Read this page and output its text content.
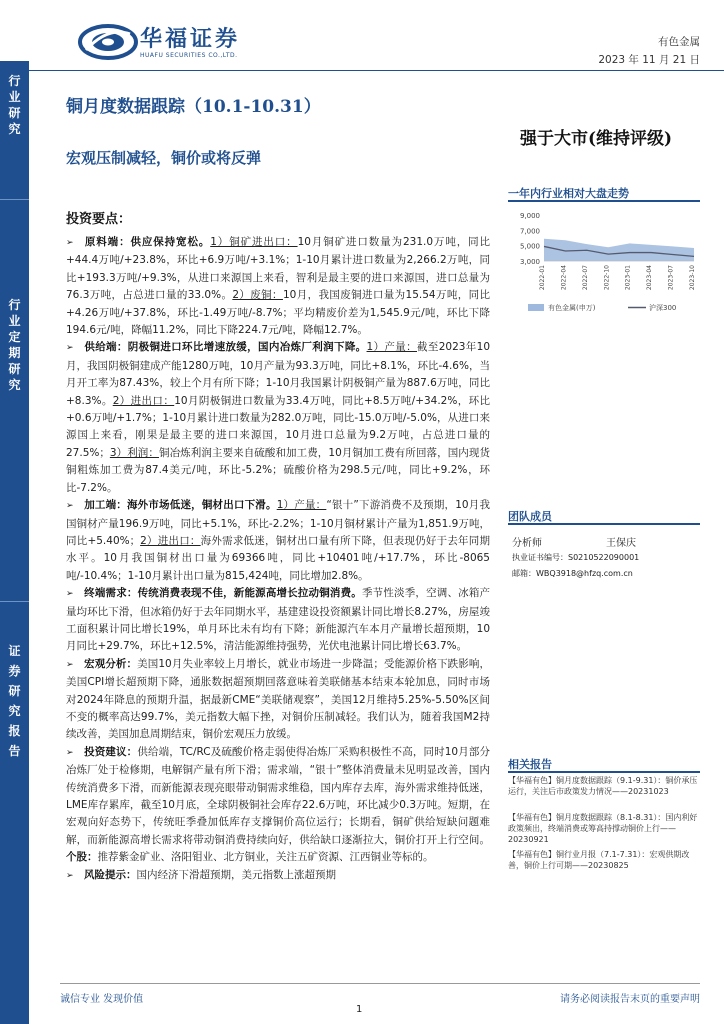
行业研究
行业定期研究
证券研究报告
华福证券
HUAFU SECURITIES CO.,LTD.
有色金属
2023 年 11 月 21 日
铜月度数据跟踪（10.1-10.31）
宏观压制减轻，铜价或将反弹
强于大市(维持评级)
投资要点：

➢ 原料端：供应保持宽松。1）铜矿进出口：10月铜矿进口数量为231.0万吨，同比+44.4万吨/+23.8%，环比+6.9万吨/+3.1%；1-10月累计进口数量为2,266.2万吨，同比+193.3万吨/+9.3%，从进口来源国上来看，智利是最主要的进口来源国，进口总量为76.3万吨，占总进口量的33.0%。2）废铜：10月，我国废铜进口量为15.54万吨，同比+4.26万吨/+37.8%，环比-1.49万吨/-8.7%；平均精废价差为1,545.9元/吨，环比下降194.6元/吨，降幅11.2%，同比下降224.7元/吨，降幅12.7%。

➢ 供给端：阴极铜进口环比增速放缓，国内冶炼厂利润下降。1）产量：截至2023年10月，我国阴极铜建成产能1280万吨，10月产量为93.3万吨，同比+8.1%，环比-4.6%，当月开工率为87.43%，较上个月有所下降；1-10月我国累计阴极铜产量为887.6万吨，同比+8.3%。2）进出口：10月阴极铜进口数量为33.4万吨，同比+8.5万吨/+34.2%，环比+0.6万吨/+1.7%；1-10月累计进口数量为282.0万吨，同比-15.0万吨/-5.0%，从进口来源国上来看，刚果是最主要的进口来源国，10月进口总量为9.2万吨，占总进口量的27.5%；3）利润：铜冶炼利润主要来自硫酸和加工费，10月铜加工费有所回落，国内现货铜粗炼加工费为87.4美元/吨，环比-5.2%；硫酸价格为298.5元/吨，同比+9.2%，环比-7.2%。

➢ 加工端：海外市场低迷，铜材出口下滑。1）产量：“银十”下游消费不及预期，10月我国铜材产量196.9万吨，同比+5.1%，环比-2.2%；1-10月铜材累计产量为1,851.9万吨，同比+5.40%；2）进出口：海外需求低迷，铜材出口量有所下降，但表现仍好于去年同期水平。10月我国铜材出口量为69366吨，同比+10401吨/+17.7%，环比-8065吨/-10.4%；1-10月累计出口量为815,424吨，同比增加2.8%。

➢ 终端需求：传统消费表现不佳，新能源高增长拉动铜消费。季节性淡季，空调、冰箱产量均环比下滑，但冰箱仍好于去年同期水平，基建建设投资额累计同比增长8.27%，房屋竣工面积累计同比增长19%，单月环比未有均有下降；新能源汽车本月产量增长超预期，10月同比+29.7%，环比+12.5%，清洁能源维持强势，光伏电池累计同比增长63.7%。

➢ 宏观分析：美国10月失业率较上月增长，就业市场进一步降温；受能源价格下跌影响，美国CPI增长超预期下降，通胀数据超预期回落意味着美联储基本结束本轮加息，同时市场对2024年降息的预期升温，据最新CME“美联储观察”，美国12月维持5.25%-5.50%区间不变的概率高达99.7%，美元指数大幅下挫，对铜价压制减轻。我们认为，随着我国M2持续改善，美国加息周期结束，铜价宏观压力放缓。

➢ 投资建议：供给端，TC/RC及硫酸价格走弱使得冶炼厂采购积极性不高，同时10月部分冶炼厂处于检修期，电解铜产量有所下滑；需求端，“银十”整体消费量未见明显改善，国内传统消费多下滑，而新能源表现亮眼带动铜需求维稳，国内库存去库，海外需求维持低迷，LME库存累库，截至10月底，全球阴极铜社会库存22.6万吨，环比减少0.3万吨。短期，在宏观向好态势下，传统旺季叠加低库存支撑铜价高位运行；长期看，铜矿供给短缺问题难解，而新能源高增长需求将带动铜消费持续向好，供给缺口逐渐拉大，铜价打开上行空间。个股：推荐紫金矿业、洛阳钼业、北方铜业，关注五矿资源、江西铜业等标的。

➢ 风险提示：国内经济下滑超预期，美元指数上涨超预期

一年内行业相对大盘走势
3,000
5,000
7,000
9,000
2022-01 2022-04 2022-07 2022-10 2023-01 2023-04 2023-07 2023-10
有色金属(申万)	沪深300
团队成员
分析师	王保庆
执业证书编号：S0210522090001
邮箱：WBQ3918@hfzq.com.cn
相关报告
【华福有色】铜月度数据跟踪（9.1-9.31）：铜价承压运行，关注后市政策发力情况——20231023
【华福有色】铜月度数据跟踪（8.1-8.31）：国内利好政策频出，终端消费或筹高持撑动铜价上行——20230921
【华福有色】铜行业月报（7.1-7.31）：宏观供期改善，铜价上行可期——20230825
诚信专业 发现价值	请务必阅读报告末页的重要声明
1
